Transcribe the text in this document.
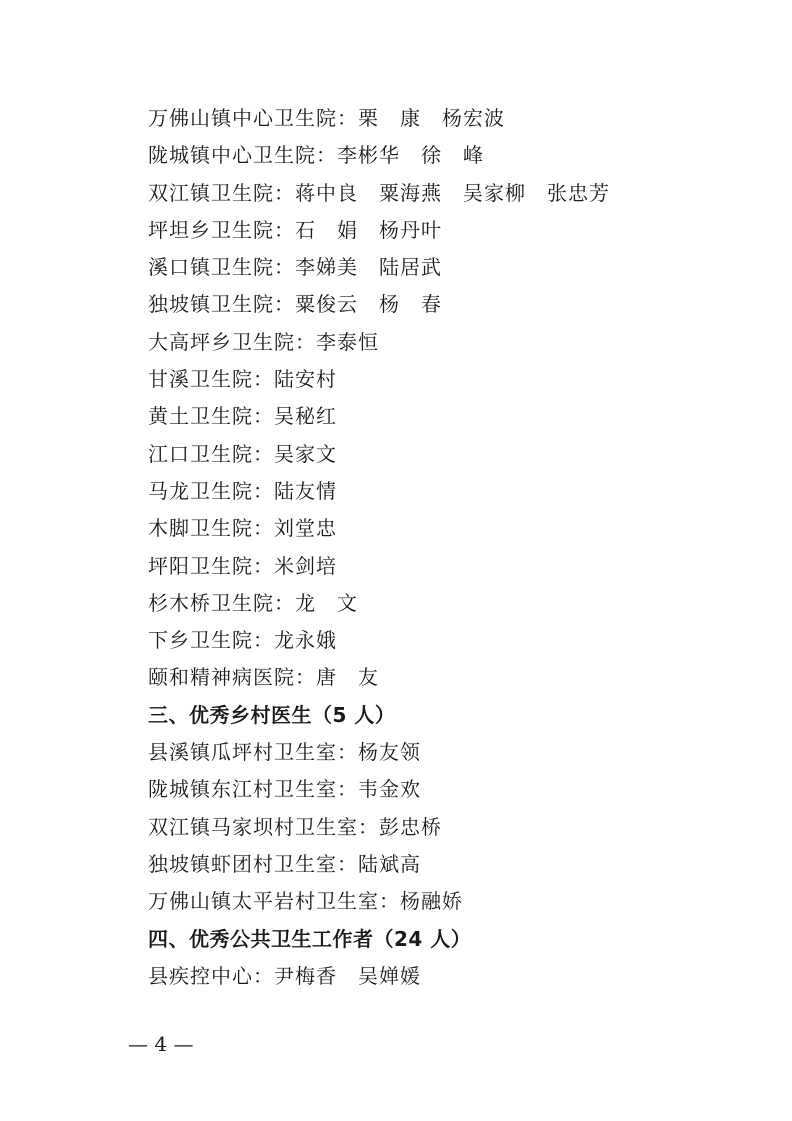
万佛山镇中心卫生院：栗　康　杨宏波
陇城镇中心卫生院：李彬华　徐　峰
双江镇卫生院：蒋中良　粟海燕　吴家柳　张忠芳
坪坦乡卫生院：石　娟　杨丹叶
溪口镇卫生院：李娣美　陆居武
独坡镇卫生院：粟俊云　杨　春
大高坪乡卫生院：李泰恒
甘溪卫生院：陆安村
黄土卫生院：吴秘红
江口卫生院：吴家文
马龙卫生院：陆友情
木脚卫生院：刘堂忠
坪阳卫生院：米剑培
杉木桥卫生院：龙　文
下乡卫生院：龙永娥
颐和精神病医院：唐　友
三、优秀乡村医生（5 人）
县溪镇瓜坪村卫生室：杨友领
陇城镇东江村卫生室：韦金欢
双江镇马家坝村卫生室：彭忠桥
独坡镇虾团村卫生室：陆斌高
万佛山镇太平岩村卫生室：杨融娇
四、优秀公共卫生工作者（24 人）
县疾控中心：尹梅香　吴婵媛
— 4 —
